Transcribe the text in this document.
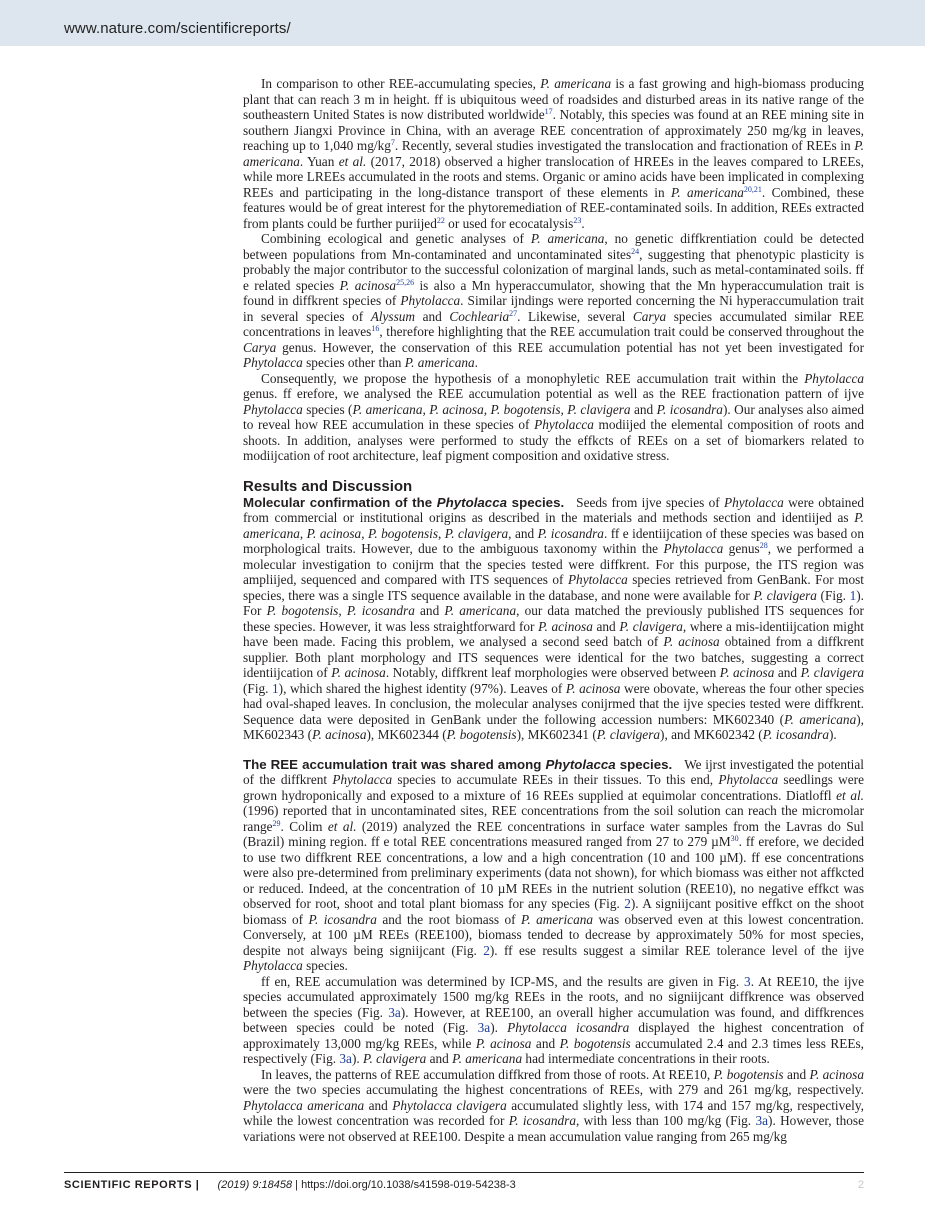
www.nature.com/scientificreports/

In comparison to other REE-accumulating species, P. americana is a fast growing and high-biomass producing plant that can reach 3 m in height. ff is ubiquitous weed of roadsides and disturbed areas in its native range of the southeastern United States is now distributed worldwide$^{17}$. Notably, this species was found at an REE mining site in southern Jiangxi Province in China, with an average REE concentration of approximately 250 mg/kg in leaves, reaching up to 1,040 mg/kg$^7$. Recently, several studies investigated the translocation and fractionation of REEs in P. americana. Yuan et al. (2017, 2018) observed a higher translocation of HREEs in the leaves compared to LREEs, while more LREEs accumulated in the roots and stems. Organic or amino acids have been implicated in complexing REEs and participating in the long-distance transport of these elements in P. americana$^{20,21}$. Combined, these features would be of great interest for the phytoremediation of REE-contaminated soils. In addition, REEs extracted from plants could be further puriijed$^{22}$ or used for ecocatalysis$^{23}$.

Combining ecological and genetic analyses of P. americana, no genetic diffkrentiation could be detected between populations from Mn-contaminated and uncontaminated sites$^{24}$, suggesting that phenotypic plasticity is probably the major contributor to the successful colonization of marginal lands, such as metal-contaminated soils. ff e related species P. acinosa$^{25,26}$ is also a Mn hyperaccumulator, showing that the Mn hyperaccumulation trait is found in diffkrent species of Phytolacca. Similar ijndings were reported concerning the Ni hyperaccumulation trait in several species of Alyssum and Cochlearia$^{27}$. Likewise, several Carya species accumulated similar REE concentrations in leaves$^{16}$, therefore highlighting that the REE accumulation trait could be conserved throughout the Carya genus. However, the conservation of this REE accumulation potential has not yet been investigated for Phytolacca species other than P. americana.

Consequently, we propose the hypothesis of a monophyletic REE accumulation trait within the Phytolacca genus. ff erefore, we analysed the REE accumulation potential as well as the REE fractionation pattern of ijve Phytolacca species (P. americana, P. acinosa, P. bogotensis, P. clavigera and P. icosandra). Our analyses also aimed to reveal how REE accumulation in these species of Phytolacca modiijed the elemental composition of roots and shoots. In addition, analyses were performed to study the effkcts of REEs on a set of biomarkers related to modiijcation of root architecture, leaf pigment composition and oxidative stress.

Results and Discussion

Molecular confirmation of the Phytolacca species. Seeds from ijve species of Phytolacca were obtained from commercial or institutional origins as described in the materials and methods section and identiijed as P. americana, P. acinosa, P. bogotensis, P. clavigera, and P. icosandra. ff e identiijcation of these species was based on morphological traits. However, due to the ambiguous taxonomy within the Phytolacca genus$^{28}$, we performed a molecular investigation to conijrm that the species tested were diffkrent. For this purpose, the ITS region was ampliijed, sequenced and compared with ITS sequences of Phytolacca species retrieved from GenBank. For most species, there was a single ITS sequence available in the database, and none were available for P. clavigera (Fig. 1). For P. bogotensis, P. icosandra and P. americana, our data matched the previously published ITS sequences for these species. However, it was less straightforward for P. acinosa and P. clavigera, where a mis-identiijcation might have been made. Facing this problem, we analysed a second seed batch of P. acinosa obtained from a diffkrent supplier. Both plant morphology and ITS sequences were identical for the two batches, suggesting a correct identiijcation of P. acinosa. Notably, diffkrent leaf morphologies were observed between P. acinosa and P. clavigera (Fig. 1), which shared the highest identity (97%). Leaves of P. acinosa were obovate, whereas the four other species had oval-shaped leaves. In conclusion, the molecular analyses conijrmed that the ijve species tested were diffkrent. Sequence data were deposited in GenBank under the following accession numbers: MK602340 (P. americana), MK602343 (P. acinosa), MK602344 (P. bogotensis), MK602341 (P. clavigera), and MK602342 (P. icosandra).

The REE accumulation trait was shared among Phytolacca species. We ijrst investigated the potential of the diffkrent Phytolacca species to accumulate REEs in their tissues. To this end, Phytolacca seedlings were grown hydroponically and exposed to a mixture of 16 REEs supplied at equimolar concentrations. Diatloffl et al. (1996) reported that in uncontaminated sites, REE concentrations from the soil solution can reach the micromolar range$^{29}$. Colim et al. (2019) analyzed the REE concentrations in surface water samples from the Lavras do Sul (Brazil) mining region. ff e total REE concentrations measured ranged from 27 to 279 µM$^{30}$. ff erefore, we decided to use two diffkrent REE concentrations, a low and a high concentration (10 and 100 µM). ff ese concentrations were also pre-determined from preliminary experiments (data not shown), for which biomass was either not affkcted or reduced. Indeed, at the concentration of 10 µM REEs in the nutrient solution (REE10), no negative effkct was observed for root, shoot and total plant biomass for any species (Fig. 2). A signiijcant positive effkct on the shoot biomass of P. icosandra and the root biomass of P. americana was observed even at this lowest concentration. Conversely, at 100 µM REEs (REE100), biomass tended to decrease by approximately 50% for most species, despite not always being signiijcant (Fig. 2). ff ese results suggest a similar REE tolerance level of the ijve Phytolacca species.

ff en, REE accumulation was determined by ICP-MS, and the results are given in Fig. 3. At REE10, the ijve species accumulated approximately 1500 mg/kg REEs in the roots, and no signiijcant diffkrence was observed between the species (Fig. 3a). However, at REE100, an overall higher accumulation was found, and diffkrences between species could be noted (Fig. 3a). Phytolacca icosandra displayed the highest concentration of approximately 13,000 mg/kg REEs, while P. acinosa and P. bogotensis accumulated 2.4 and 2.3 times less REEs, respectively (Fig. 3a). P. clavigera and P. americana had intermediate concentrations in their roots.

In leaves, the patterns of REE accumulation diffkred from those of roots. At REE10, P. bogotensis and P. acinosa were the two species accumulating the highest concentrations of REEs, with 279 and 261 mg/kg, respectively. Phytolacca americana and Phytolacca clavigera accumulated slightly less, with 174 and 157 mg/kg, respectively, while the lowest concentration was recorded for P. icosandra, with less than 100 mg/kg (Fig. 3a). However, those variations were not observed at REE100. Despite a mean accumulation value ranging from 265 mg/kg

SCIENTIFIC REPORTS | (2019) 9:18458 | https://doi.org/10.1038/s41598-019-54238-3	2
